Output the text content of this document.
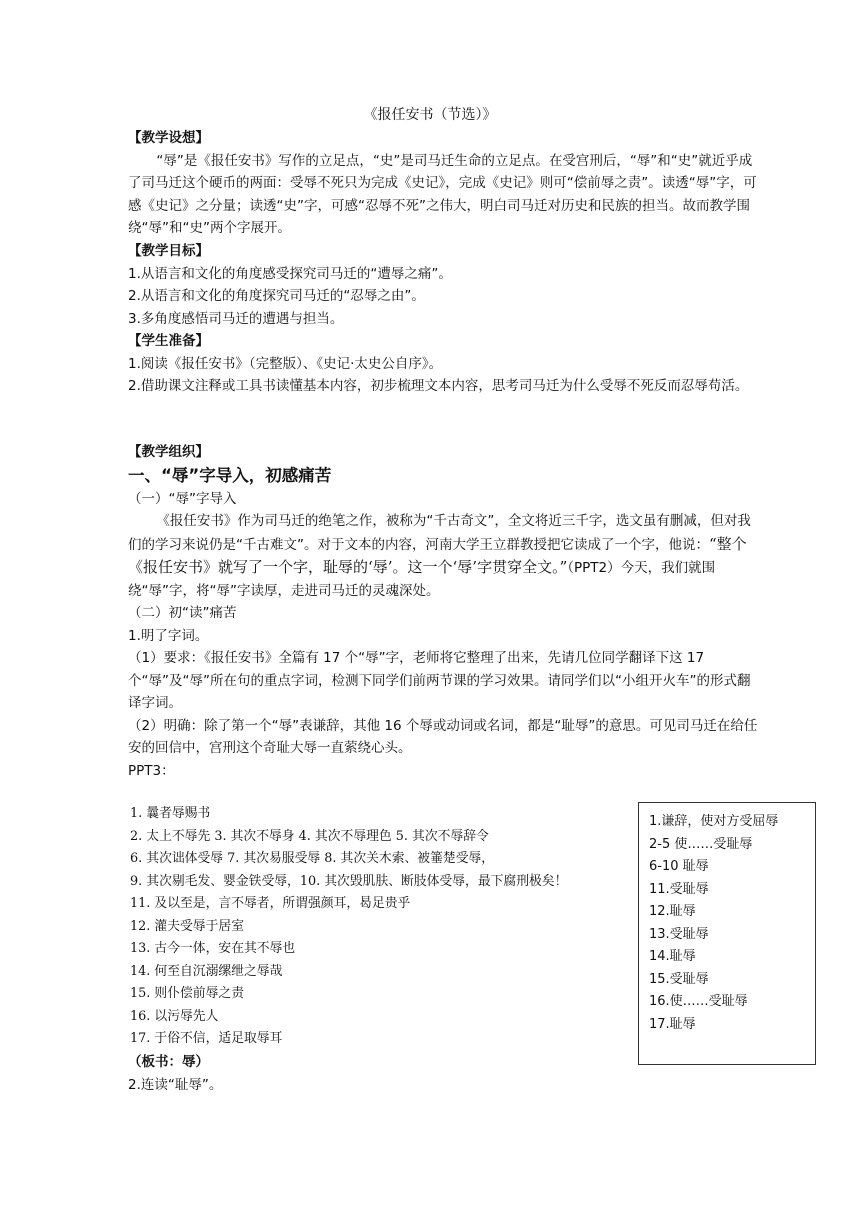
《报任安书（节选）》
【教学设想】
“辱”是《报任安书》写作的立足点，“史”是司马迁生命的立足点。在受宫刑后，“辱”和“史”就近乎成了司马迁这个硬币的两面：受辱不死只为完成《史记》，完成《史记》则可“偿前辱之责”。读透“辱”字，可感《史记》之分量；读透“史”字，可感“忍辱不死”之伟大，明白司马迁对历史和民族的担当。故而教学围绕“辱”和“史”两个字展开。
【教学目标】
1.从语言和文化的角度感受探究司马迁的“遭辱之痛”。
2.从语言和文化的角度探究司马迁的“忍辱之由”。
3.多角度感悟司马迁的遭遇与担当。
【学生准备】
1.阅读《报任安书》（完整版）、《史记·太史公自序》。
2.借助课文注释或工具书读懂基本内容，初步梳理文本内容，思考司马迁为什么受辱不死反而忍辱苟活。
【教学组织】
一、“辱”字导入，初感痛苦
（一）“辱”字导入
《报任安书》作为司马迁的绝笔之作，被称为“千古奇文”，全文将近三千字，选文虽有删减，但对我们的学习来说仍是“千古难文”。对于文本的内容，河南大学王立群教授把它读成了一个字，他说：“整个《报任安书》就写了一个字，耻辱的‘辱’。这一个‘辱’字贯穿全文。”（PPT2）今天，我们就围绕“辱”字，将“辱”字读厚，走进司马迁的灵魂深处。
（二）初“读”痛苦
1.明了字词。
（1）要求：《报任安书》全篇有 17 个“辱”字，老师将它整理了出来，先请几位同学翻译下这 17 个“辱”及“辱”所在句的重点字词，检测下同学们前两节课的学习效果。请同学们以“小组开火车”的形式翻译字词。
（2）明确：除了第一个“辱”表谦辞，其他 16 个辱或动词或名词，都是“耻辱”的意思。可见司马迁在给任安的回信中，宫刑这个奇耻大辱一直萦绕心头。
PPT3：
1. 曩者辱赐书
2. 太上不辱先 3. 其次不辱身 4. 其次不辱理色 5. 其次不辱辞令
6. 其次诎体受辱 7. 其次易服受辱 8. 其次关木索、被箠楚受辱，
9. 其次剔毛发、婴金铁受辱，10. 其次毁肌肤、断肢体受辱，最下腐刑极矣！
11. 及以至是，言不辱者，所谓强颜耳，曷足贵乎
12. 灌夫受辱于居室
13. 古今一体，安在其不辱也
14. 何至自沉溺缧绁之辱哉
15. 则仆偿前辱之责
16. 以污辱先人
17. 于俗不信，适足取辱耳
（板书：辱）
2.连读“耻辱”。
1.谦辞，使对方受屈辱
2-5 使……受耻辱
6-10 耻辱
11.受耻辱
12.耻辱
13.受耻辱
14.耻辱
15.受耻辱
16.使……受耻辱
17.耻辱
